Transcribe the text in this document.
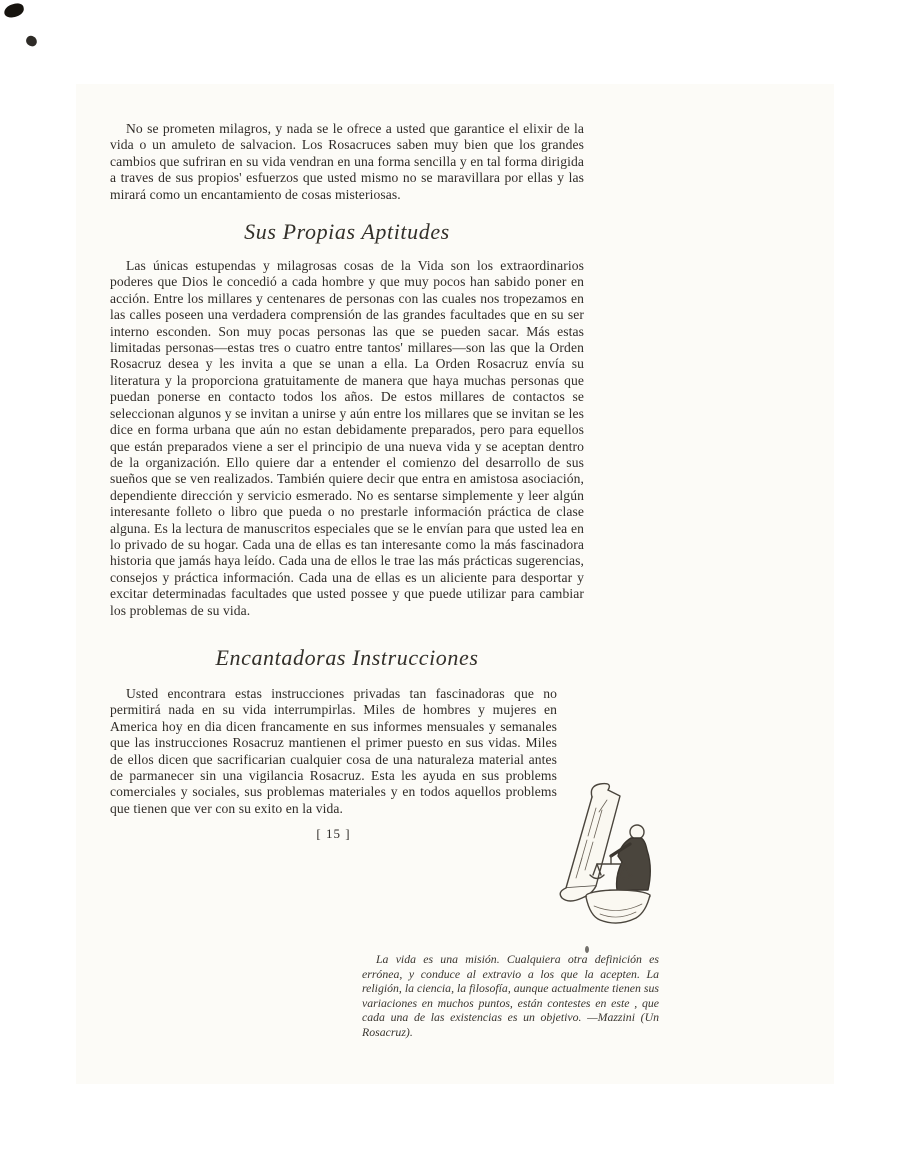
No se prometen milagros, y nada se le ofrece a usted que garantice el elixir de la vida o un amuleto de salvacion. Los Rosacruces saben muy bien que los grandes cambios que sufriran en su vida vendran en una forma sencilla y en tal forma dirigida a traves de sus propios' esfuerzos que usted mismo no se maravillara por ellas y las mirará como un encantamiento de cosas misteriosas.

Sus Propias Aptitudes

Las únicas estupendas y milagrosas cosas de la Vida son los extraordinarios poderes que Dios le concedió a cada hombre y que muy pocos han sabido poner en acción. Entre los millares y centenares de personas con las cuales nos tropezamos en las calles poseen una verdadera comprensión de las grandes facultades que en su ser interno esconden. Son muy pocas personas las que se pueden sacar. Más estas limitadas personas—estas tres o cuatro entre tantos' millares—son las que la Orden Rosacruz desea y les invita a que se unan a ella. La Orden Rosacruz envía su literatura y la proporciona gratuitamente de manera que haya muchas personas que puedan ponerse en contacto todos los años. De estos millares de contactos se seleccionan algunos y se invitan a unirse y aún entre los millares que se invitan se les dice en forma urbana que aún no estan debidamente preparados, pero para equellos que están preparados viene a ser el principio de una nueva vida y se aceptan dentro de la organización. Ello quiere dar a entender el comienzo del desarrollo de sus sueños que se ven realizados. También quiere decir que entra en amistosa asociación, dependiente dirección y servicio esmerado. No es sentarse simplemente y leer algún interesante folleto o libro que pueda o no prestarle información práctica de clase alguna. Es la lectura de manuscritos especiales que se le envían para que usted lea en lo privado de su hogar. Cada una de ellas es tan interesante como la más fascinadora historia que jamás haya leído. Cada una de ellos le trae las más prácticas sugerencias, consejos y práctica información. Cada una de ellas es un aliciente para desportar y excitar determinadas facultades que usted possee y que puede utilizar para cambiar los problemas de su vida.

Encantadoras Instrucciones

Usted encontrara estas instrucciones privadas tan fascinadoras que no permitirá nada en su vida interrumpirlas. Miles de hombres y mujeres en America hoy en dia dicen francamente en sus informes mensuales y semanales que las instrucciones Rosacruz mantienen el primer puesto en sus vidas. Miles de ellos dicen que sacrificarian cualquier cosa de una naturaleza material antes de parmanecer sin una vigilancia Rosacruz. Esta les ayuda en sus problems comerciales y sociales, sus problemas materiales y en todos aquellos problems que tienen que ver con su exito en la vida.

[ 15 ]
La vida es una misión. Cualquiera otra definición es errónea, y conduce al extravio a los que la acepten. La religión, la ciencia, la filosofía, aunque actualmente tienen sus variaciones en muchos puntos, están contestes en este , que cada una de las existencias es un objetivo. —Mazzini (Un Rosacruz).
